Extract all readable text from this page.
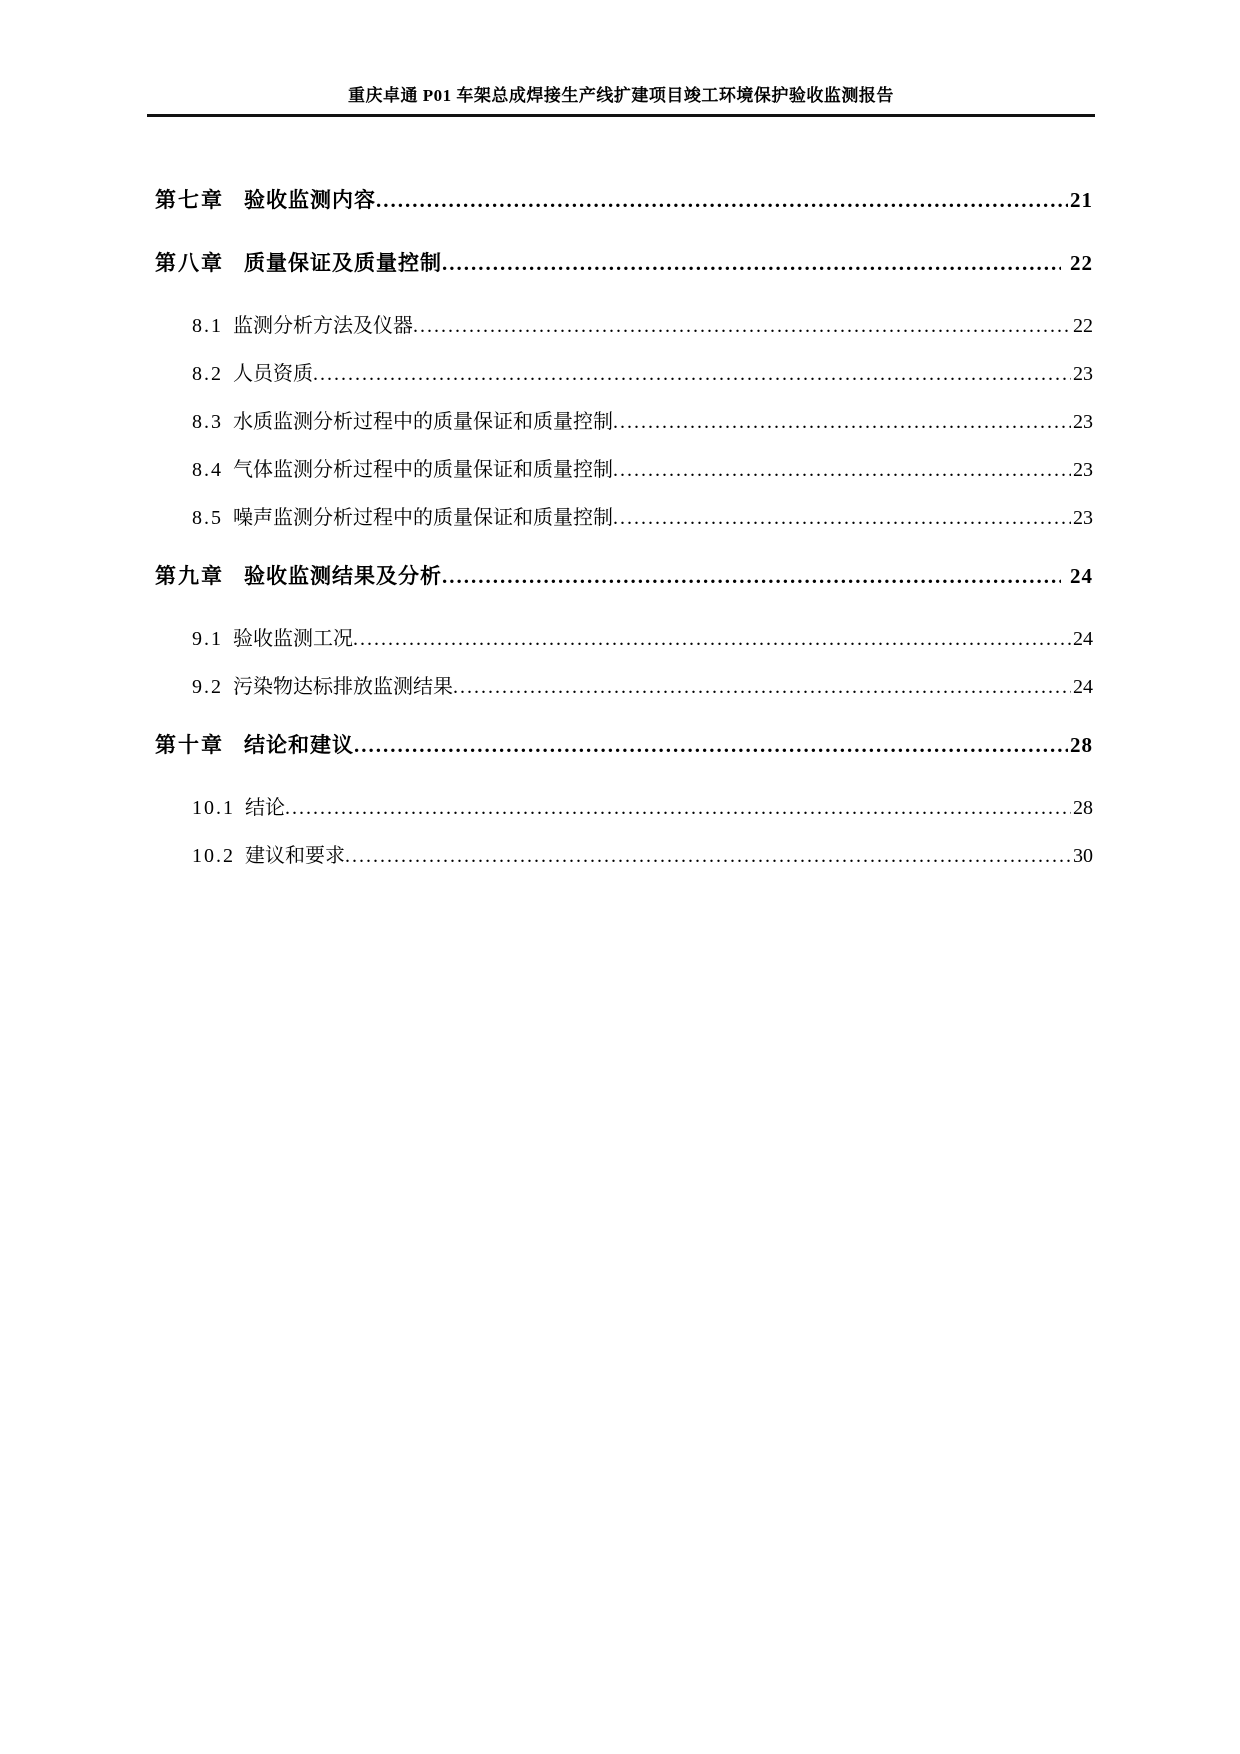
重庆卓通 P01 车架总成焊接生产线扩建项目竣工环境保护验收监测报告
第七章 验收监测内容 .....	21
第八章 质量保证及质量控制 .....	22
8.1 监测分析方法及仪器 .....	22
8.2 人员资质 .....	23
8.3 水质监测分析过程中的质量保证和质量控制 .....	23
8.4 气体监测分析过程中的质量保证和质量控制 .....	23
8.5 噪声监测分析过程中的质量保证和质量控制 .....	23
第九章 验收监测结果及分析 .....	24
9.1 验收监测工况 .....	24
9.2 污染物达标排放监测结果 .....	24
第十章 结论和建议 .....	28
10.1 结论 .....	28
10.2 建议和要求 .....	30
